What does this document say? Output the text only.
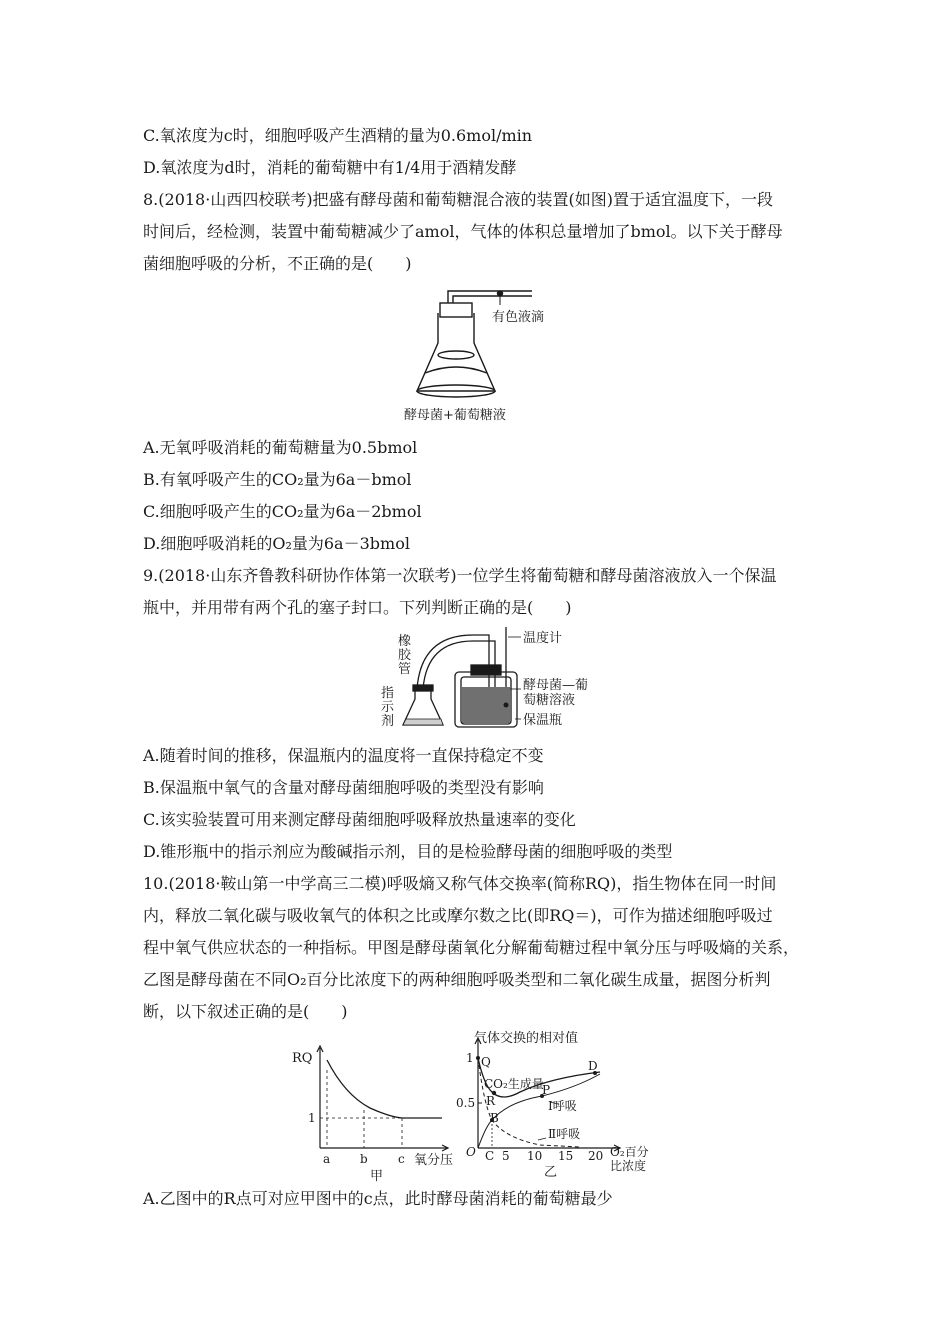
C.氧浓度为c时，细胞呼吸产生酒精的量为0.6mol/min
D.氧浓度为d时，消耗的葡萄糖中有1/4用于酒精发酵
8.(2018·山西四校联考)把盛有酵母菌和葡萄糖混合液的装置(如图)置于适宜温度下，一段
时间后，经检测，装置中葡萄糖减少了amol，气体的体积总量增加了bmol。以下关于酵母
菌细胞呼吸的分析，不正确的是(　　)
有色液滴
酵母菌+葡萄糖液
A.无氧呼吸消耗的葡萄糖量为0.5bmol
B.有氧呼吸产生的CO₂量为6a－bmol
C.细胞呼吸产生的CO₂量为6a－2bmol
D.细胞呼吸消耗的O₂量为6a－3bmol
9.(2018·山东齐鲁教科研协作体第一次联考)一位学生将葡萄糖和酵母菌溶液放入一个保温
瓶中，并用带有两个孔的塞子封口。下列判断正确的是(　　)
橡
胶
管
指
示
剂
温度计
酵母菌—葡
萄糖溶液
保温瓶
A.随着时间的推移，保温瓶内的温度将一直保持稳定不变
B.保温瓶中氧气的含量对酵母菌细胞呼吸的类型没有影响
C.该实验装置可用来测定酵母菌细胞呼吸释放热量速率的变化
D.锥形瓶中的指示剂应为酸碱指示剂，目的是检验酵母菌的细胞呼吸的类型
10.(2018·鞍山第一中学高三二模)呼吸熵又称气体交换率(简称RQ)，指生物体在同一时间
内，释放二氧化碳与吸收氧气的体积之比或摩尔数之比(即RQ＝)，可作为描述细胞呼吸过
程中氧气供应状态的一种指标。甲图是酵母菌氧化分解葡萄糖过程中氧分压与呼吸熵的关系，
乙图是酵母菌在不同O₂百分比浓度下的两种细胞呼吸类型和二氧化碳生成量，据图分析判
断，以下叙述正确的是(　　)
RQ
1
a b	c 氧分压
甲
气体交换的相对值
1
0.5
O C 5 10 15 20 O₂百分
比浓度
Q
R
P
B
D
CO₂生成量
Ⅰ呼吸
Ⅱ呼吸
乙
A.乙图中的R点可对应甲图中的c点，此时酵母菌消耗的葡萄糖最少
